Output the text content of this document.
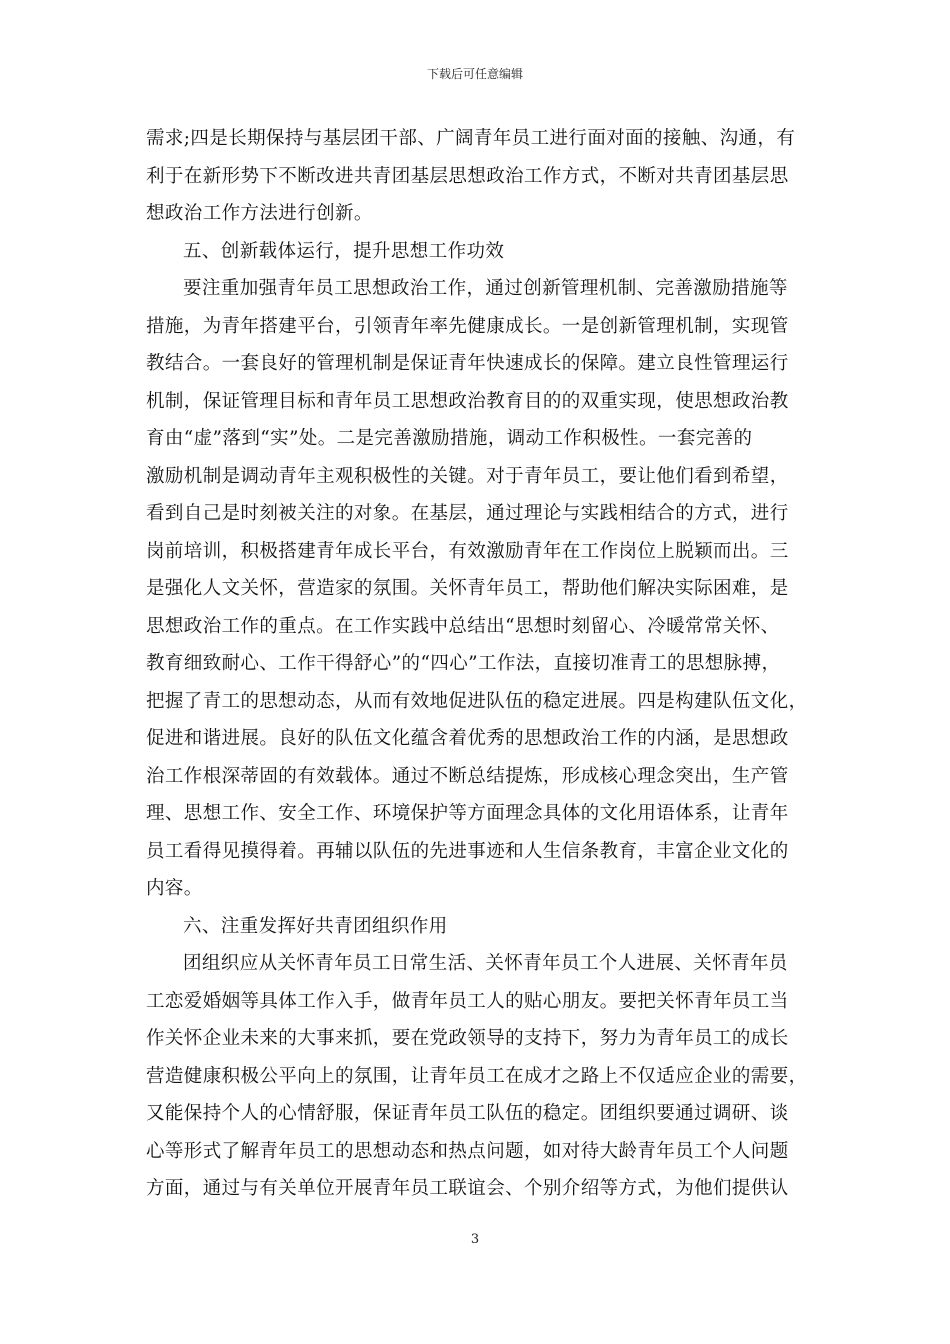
下载后可任意编辑
需求;四是长期保持与基层团干部、广阔青年员工进行面对面的接触、沟通，有
利于在新形势下不断改进共青团基层思想政治工作方式，不断对共青团基层思
想政治工作方法进行创新。
五、创新载体运行，提升思想工作功效
要注重加强青年员工思想政治工作，通过创新管理机制、完善激励措施等
措施，为青年搭建平台，引领青年率先健康成长。一是创新管理机制，实现管
教结合。一套良好的管理机制是保证青年快速成长的保障。建立良性管理运行
机制，保证管理目标和青年员工思想政治教育目的的双重实现，使思想政治教
育由“虚”落到“实”处。二是完善激励措施，调动工作积极性。一套完善的
激励机制是调动青年主观积极性的关键。对于青年员工，要让他们看到希望，
看到自己是时刻被关注的对象。在基层，通过理论与实践相结合的方式，进行
岗前培训，积极搭建青年成长平台，有效激励青年在工作岗位上脱颖而出。三
是强化人文关怀，营造家的氛围。关怀青年员工，帮助他们解决实际困难，是
思想政治工作的重点。在工作实践中总结出“思想时刻留心、冷暖常常关怀、
教育细致耐心、工作干得舒心”的“四心”工作法，直接切准青工的思想脉搏，
把握了青工的思想动态，从而有效地促进队伍的稳定进展。四是构建队伍文化，
促进和谐进展。良好的队伍文化蕴含着优秀的思想政治工作的内涵，是思想政
治工作根深蒂固的有效载体。通过不断总结提炼，形成核心理念突出，生产管
理、思想工作、安全工作、环境保护等方面理念具体的文化用语体系，让青年
员工看得见摸得着。再辅以队伍的先进事迹和人生信条教育，丰富企业文化的
内容。
六、注重发挥好共青团组织作用
团组织应从关怀青年员工日常生活、关怀青年员工个人进展、关怀青年员
工恋爱婚姻等具体工作入手，做青年员工人的贴心朋友。要把关怀青年员工当
作关怀企业未来的大事来抓，要在党政领导的支持下，努力为青年员工的成长
营造健康积极公平向上的氛围，让青年员工在成才之路上不仅适应企业的需要，
又能保持个人的心情舒服，保证青年员工队伍的稳定。团组织要通过调研、谈
心等形式了解青年员工的思想动态和热点问题，如对待大龄青年员工个人问题
方面，通过与有关单位开展青年员工联谊会、个别介绍等方式，为他们提供认
3
